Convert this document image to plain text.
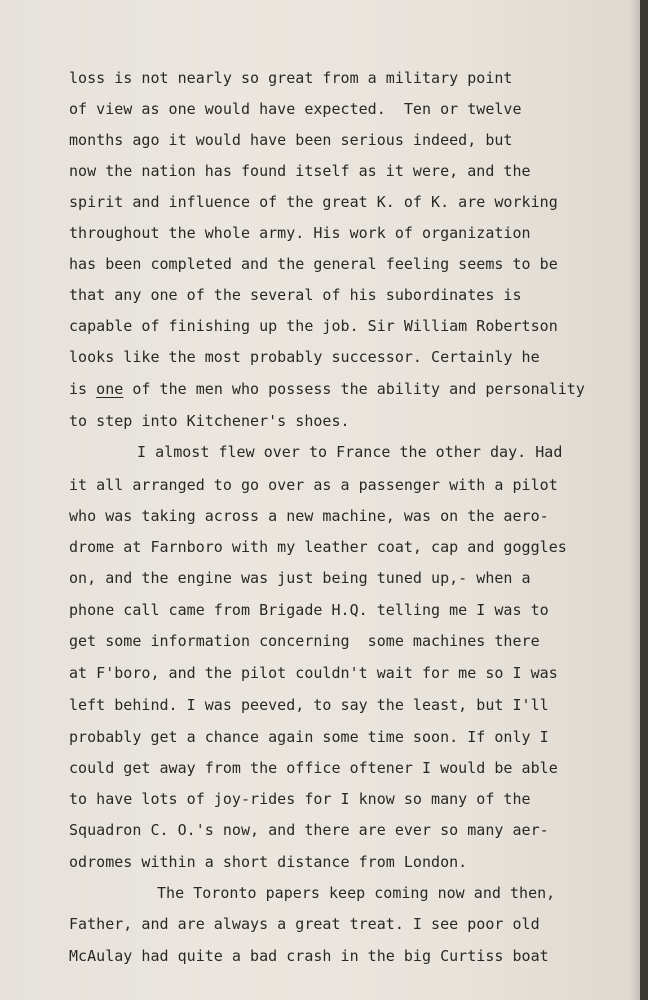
loss is not nearly so great from a military point

of view as one would have expected.  Ten or twelve

months ago it would have been serious indeed, but

now the nation has found itself as it were, and the

spirit and influence of the great K. of K. are working

throughout the whole army. His work of organization

has been completed and the general feeling seems to be

that any one of the several of his subordinates is

capable of finishing up the job. Sir William Robertson

looks like the most probably successor. Certainly he

is one of the men who possess the ability and personality

to step into Kitchener's shoes.

I almost flew over to France the other day. Had

it all arranged to go over as a passenger with a pilot

who was taking across a new machine, was on the aero-

drome at Farnboro with my leather coat, cap and goggles

on, and the engine was just being tuned up,- when a

phone call came from Brigade H.Q. telling me I was to

get some information concerning  some machines there

at F'boro, and the pilot couldn't wait for me so I was

left behind. I was peeved, to say the least, but I'll

probably get a chance again some time soon. If only I

could get away from the office oftener I would be able

to have lots of joy-rides for I know so many of the

Squadron C. O.'s now, and there are ever so many aer-

odromes within a short distance from London.

The Toronto papers keep coming now and then,

Father, and are always a great treat. I see poor old

McAulay had quite a bad crash in the big Curtiss boat
